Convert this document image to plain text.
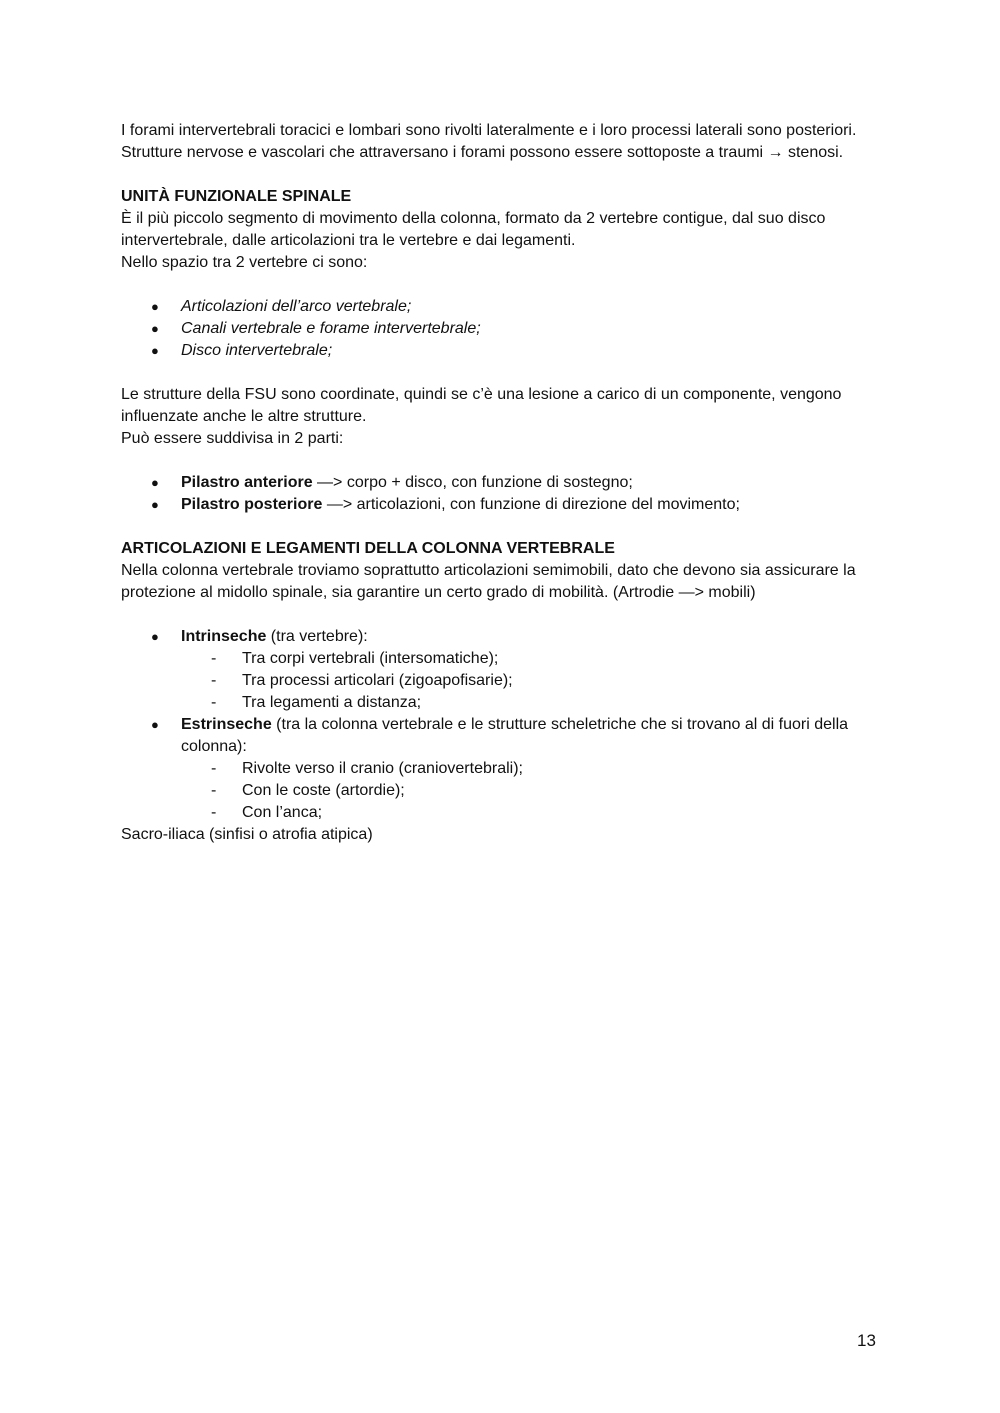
I forami intervertebrali toracici e lombari sono rivolti lateralmente e i loro processi laterali sono posteriori.

Strutture nervose e vascolari che attraversano i forami possono essere sottoposte a traumi → stenosi.

UNITÀ FUNZIONALE SPINALE

È il più piccolo segmento di movimento della colonna, formato da 2 vertebre contigue, dal suo disco intervertebrale, dalle articolazioni tra le vertebre e dai legamenti.

Nello spazio tra 2 vertebre ci sono:

● Articolazioni dell’arco vertebrale;
● Canali vertebrale e forame intervertebrale;
● Disco intervertebrale;

Le strutture della FSU sono coordinate, quindi se c’è una lesione a carico di un componente, vengono influenzate anche le altre strutture.

Può essere suddivisa in 2 parti:

● Pilastro anteriore —> corpo + disco, con funzione di sostegno;
● Pilastro posteriore —> articolazioni, con funzione di direzione del movimento;
ARTICOLAZIONI E LEGAMENTI DELLA COLONNA VERTEBRALE

Nella colonna vertebrale troviamo soprattutto articolazioni semimobili, dato che devono sia assicurare la protezione al midollo spinale, sia garantire un certo grado di mobilità. (Artrodie —> mobili)

● Intrinseche (tra vertebre):
- Tra corpi vertebrali (intersomatiche);
- Tra processi articolari (zigoapofisarie);
- Tra legamenti a distanza;
● Estrinseche (tra la colonna vertebrale e le strutture scheletriche che si trovano al di fuori della colonna):
- Rivolte verso il cranio (craniovertebrali);
- Con le coste (artordie);
- Con l’anca;

Sacro-iliaca (sinfisi o atrofia atipica)

13
